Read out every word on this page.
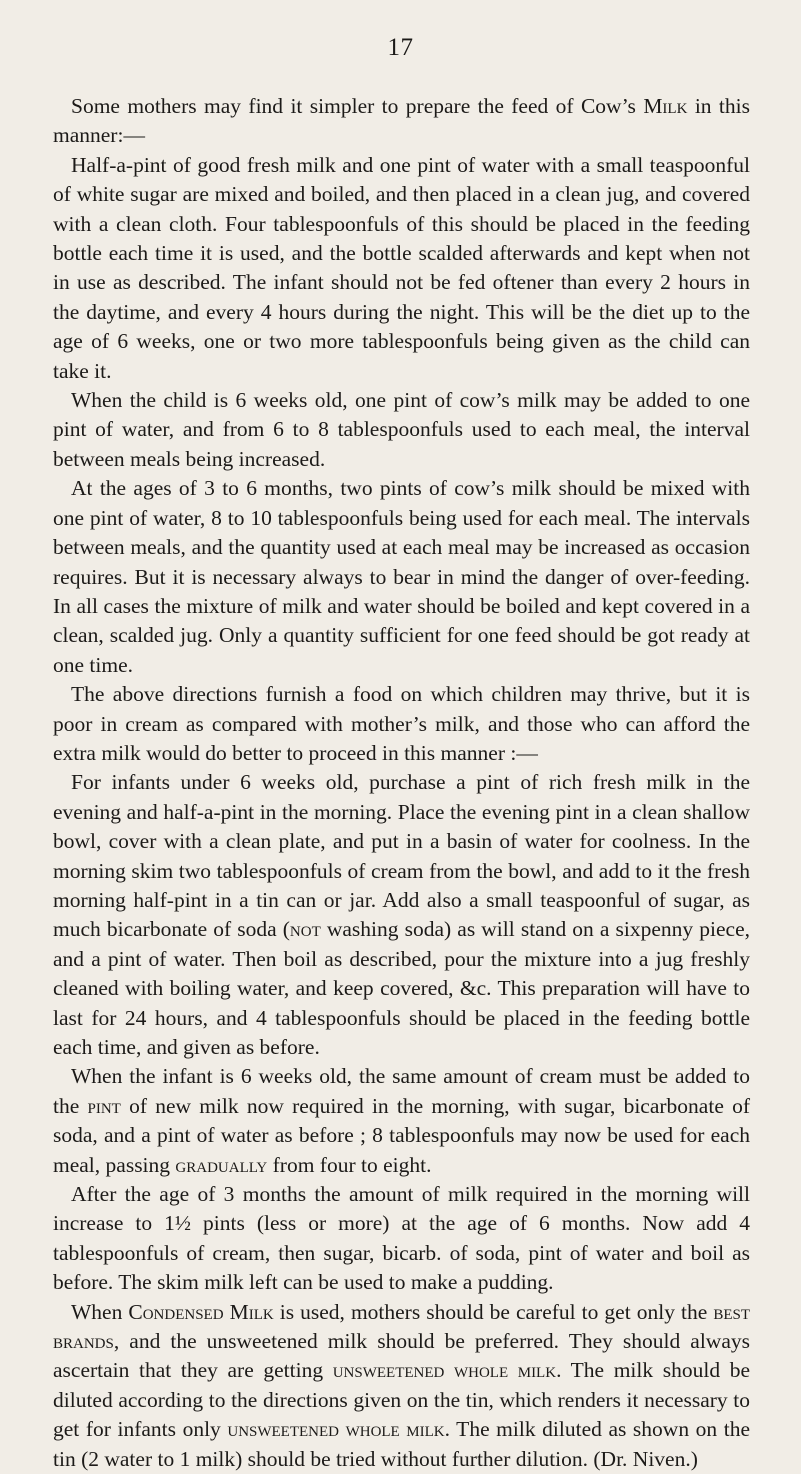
17

Some mothers may find it simpler to prepare the feed of Cow’s Milk in this manner:—

Half-a-pint of good fresh milk and one pint of water with a small teaspoonful of white sugar are mixed and boiled, and then placed in a clean jug, and covered with a clean cloth. Four tablespoonfuls of this should be placed in the feeding bottle each time it is used, and the bottle scalded afterwards and kept when not in use as described. The infant should not be fed oftener than every 2 hours in the daytime, and every 4 hours during the night. This will be the diet up to the age of 6 weeks, one or two more tablespoonfuls being given as the child can take it.

When the child is 6 weeks old, one pint of cow’s milk may be added to one pint of water, and from 6 to 8 tablespoonfuls used to each meal, the interval between meals being increased.

At the ages of 3 to 6 months, two pints of cow’s milk should be mixed with one pint of water, 8 to 10 tablespoonfuls being used for each meal. The intervals between meals, and the quantity used at each meal may be increased as occasion requires. But it is necessary always to bear in mind the danger of over-feeding. In all cases the mixture of milk and water should be boiled and kept covered in a clean, scalded jug. Only a quantity sufficient for one feed should be got ready at one time.

The above directions furnish a food on which children may thrive, but it is poor in cream as compared with mother’s milk, and those who can afford the extra milk would do better to proceed in this manner :—

For infants under 6 weeks old, purchase a pint of rich fresh milk in the evening and half-a-pint in the morning. Place the evening pint in a clean shallow bowl, cover with a clean plate, and put in a basin of water for coolness. In the morning skim two tablespoonfuls of cream from the bowl, and add to it the fresh morning half-pint in a tin can or jar. Add also a small teaspoonful of sugar, as much bicarbonate of soda (not washing soda) as will stand on a sixpenny piece, and a pint of water. Then boil as described, pour the mixture into a jug freshly cleaned with boiling water, and keep covered, &c. This preparation will have to last for 24 hours, and 4 tablespoonfuls should be placed in the feeding bottle each time, and given as before.

When the infant is 6 weeks old, the same amount of cream must be added to the pint of new milk now required in the morning, with sugar, bicarbonate of soda, and a pint of water as before ; 8 tablespoonfuls may now be used for each meal, passing gradually from four to eight.

After the age of 3 months the amount of milk required in the morning will increase to 1½ pints (less or more) at the age of 6 months. Now add 4 tablespoonfuls of cream, then sugar, bicarb. of soda, pint of water and boil as before. The skim milk left can be used to make a pudding.

When Condensed Milk is used, mothers should be careful to get only the best brands, and the unsweetened milk should be preferred. They should always ascertain that they are getting unsweetened whole milk. The milk should be diluted according to the directions given on the tin, which renders it necessary to get for infants only unsweetened whole milk. The milk diluted as shown on the tin (2 water to 1 milk) should be tried without further dilution. (Dr. Niven.)
